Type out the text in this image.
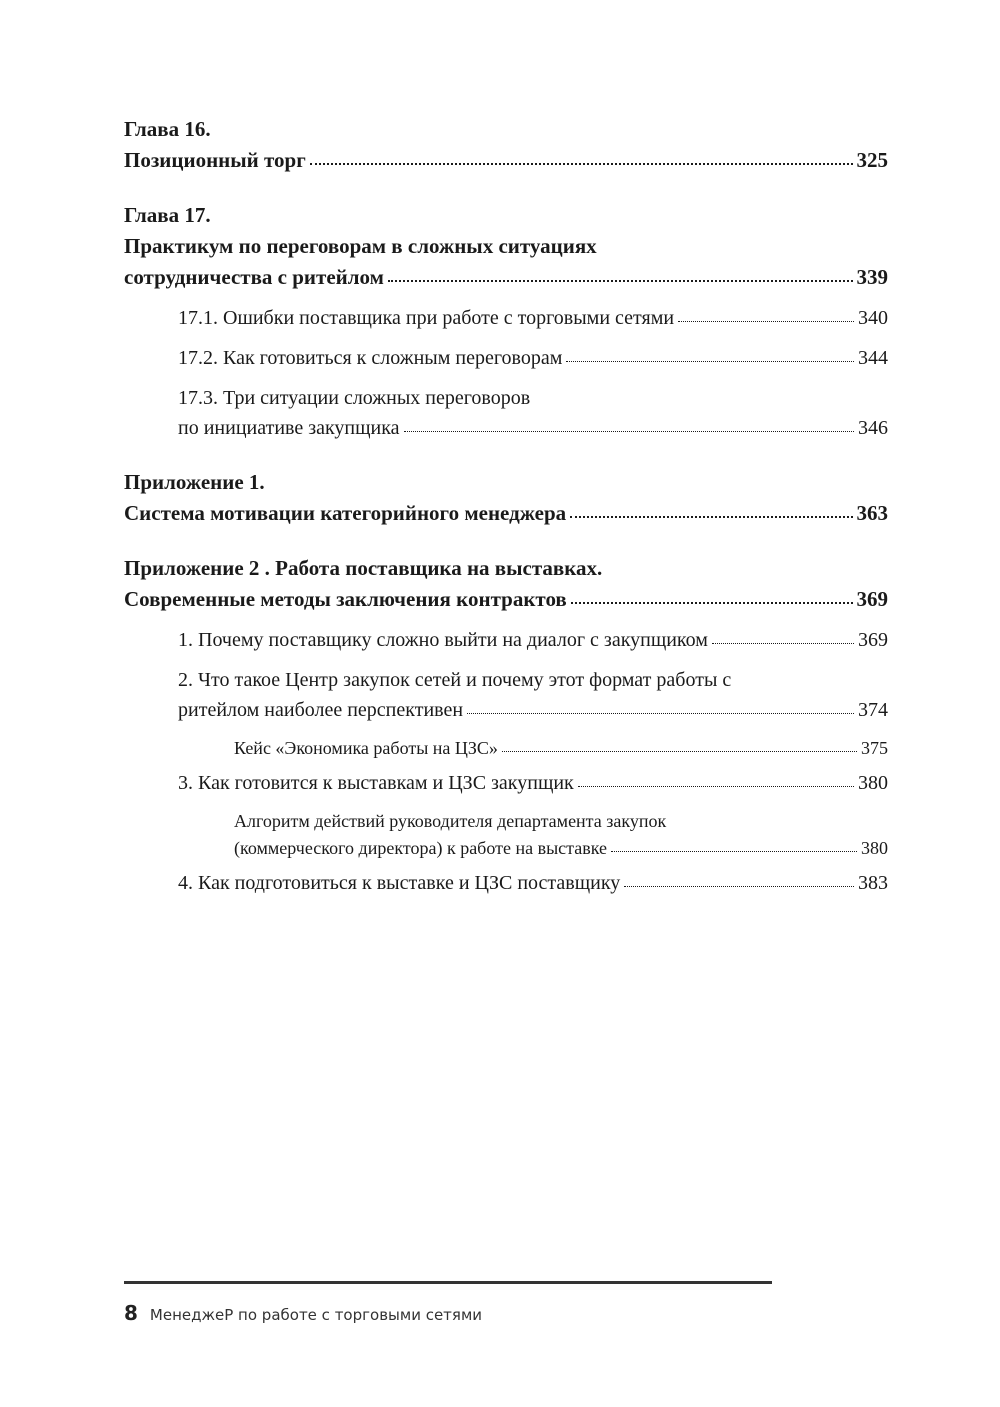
Глава 16.
Позиционный торг	325
Глава 17.
Практикум по переговорам в сложных ситуациях
сотрудничества с ритейлом	339
17.1. Ошибки поставщика при работе с торговыми сетями	340
17.2. Как готовиться к сложным переговорам	344
17.3. Три ситуации сложных переговоров
по инициативе закупщика	346
Приложение 1.
Система мотивации категорийного менеджера	363
Приложение 2 . Работа поставщика на выставках.
Современные методы заключения контрактов	369
1. Почему поставщику сложно выйти на диалог с закупщиком	369
2. Что такое Центр закупок сетей и почему этот формат работы с
ритейлом наиболее перспективен	374
Кейс «Экономика работы на ЦЗС»	375
3. Как готовится к выставкам и ЦЗС закупщик	380
Алгоритм действий руководителя департамента закупок
(коммерческого директора) к работе на выставке	380
4. Как подготовиться к выставке и ЦЗС поставщику	383
8 МенеджеР по работе с торговыми сетями
